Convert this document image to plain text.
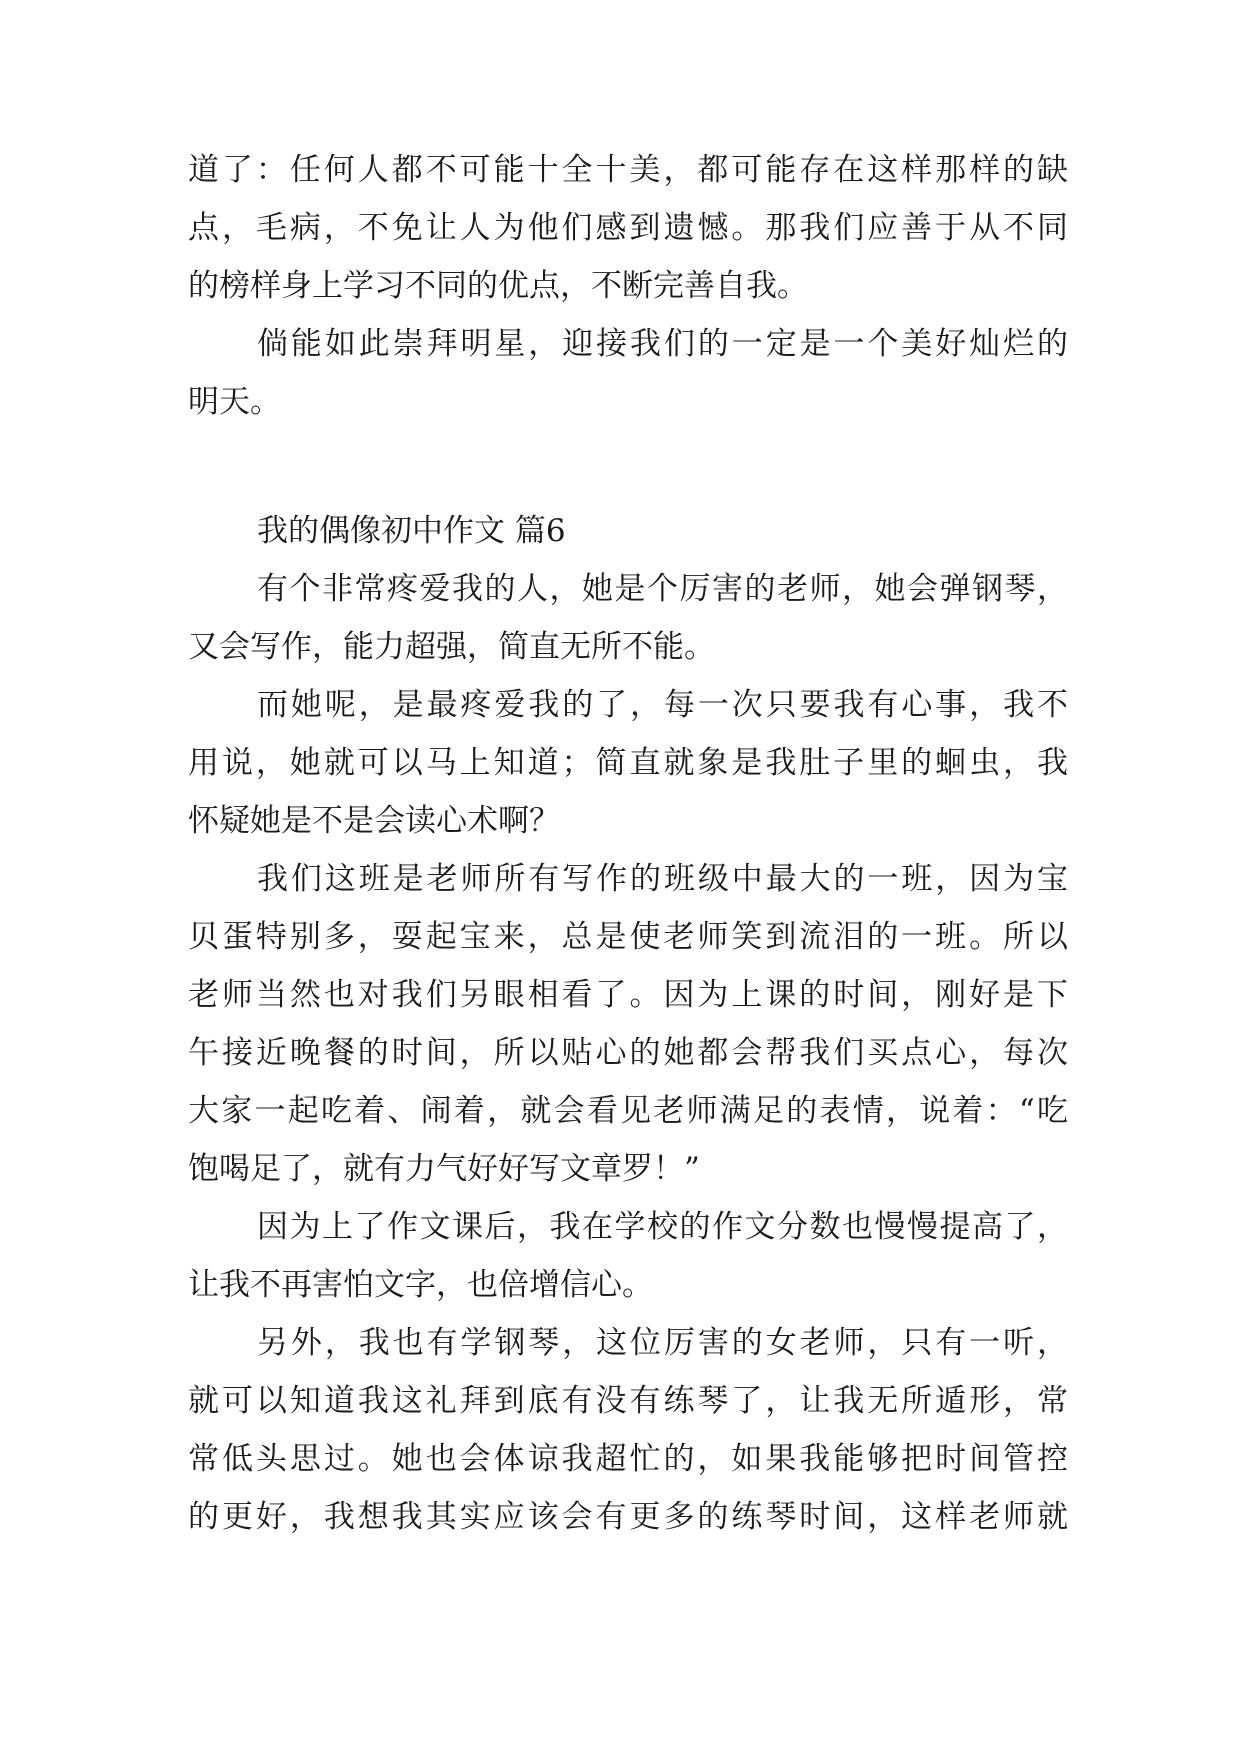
道了：任何人都不可能十全十美，都可能存在这样那样的缺
点，毛病，不免让人为他们感到遗憾。那我们应善于从不同
的榜样身上学习不同的优点，不断完善自我。
倘能如此崇拜明星，迎接我们的一定是一个美好灿烂的
明天。
我的偶像初中作文 篇6
有个非常疼爱我的人，她是个厉害的老师，她会弹钢琴，
又会写作，能力超强，简直无所不能。
而她呢，是最疼爱我的了，每一次只要我有心事，我不
用说，她就可以马上知道；简直就象是我肚子里的蛔虫，我
怀疑她是不是会读心术啊？
我们这班是老师所有写作的班级中最大的一班，因为宝
贝蛋特别多，耍起宝来，总是使老师笑到流泪的一班。所以
老师当然也对我们另眼相看了。因为上课的时间，刚好是下
午接近晚餐的时间，所以贴心的她都会帮我们买点心，每次
大家一起吃着、闹着，就会看见老师满足的表情，说着：“吃
饱喝足了，就有力气好好写文章罗！”
因为上了作文课后，我在学校的作文分数也慢慢提高了，
让我不再害怕文字，也倍增信心。
另外，我也有学钢琴，这位厉害的女老师，只有一听，
就可以知道我这礼拜到底有没有练琴了，让我无所遁形，常
常低头思过。她也会体谅我超忙的，如果我能够把时间管控
的更好，我想我其实应该会有更多的练琴时间，这样老师就
